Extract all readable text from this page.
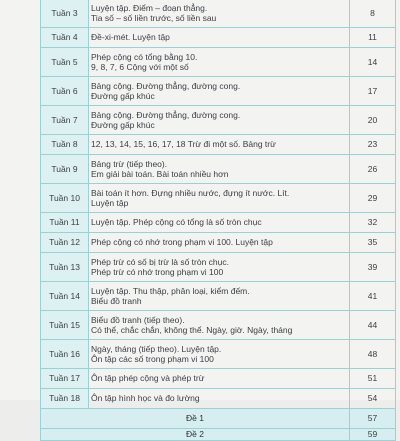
Tuần 3	Luyện tập. Điểm – đoạn thẳng.
Tia số – số liền trước, số liền sau	8
Tuần 4	Đề-xi-mét. Luyện tập	11
Tuần 5	Phép cộng có tổng bằng 10.
9, 8, 7, 6 Cộng với một số	14
Tuần 6	Bảng cộng. Đường thẳng, đường cong.
Đường gấp khúc	17
Tuần 7	Bảng cộng. Đường thẳng, đường cong.
Đường gấp khúc	20
Tuần 8	12, 13, 14, 15, 16, 17, 18 Trừ đi một số. Bảng trừ	23
Tuần 9	Bảng trừ (tiếp theo).
Em giải bài toán. Bài toán nhiều hơn	26
Tuần 10	Bài toán ít hơn. Đựng nhiều nước, đựng ít nước. Lít.
Luyện tập	29
Tuần 11	Luyện tập. Phép cộng có tổng là số tròn chục	32
Tuần 12	Phép cộng có nhớ trong phạm vi 100. Luyện tập	35
Tuần 13	Phép trừ có số bị trừ là số tròn chục.
Phép trừ có nhớ trong phạm vi 100	39
Tuần 14	Luyện tập. Thu thập, phân loại, kiểm đếm.
Biểu đồ tranh	41
Tuần 15	Biểu đồ tranh (tiếp theo).
Có thể, chắc chắn, không thể. Ngày, giờ. Ngày, tháng	44
Tuần 16	Ngày, tháng (tiếp theo). Luyện tập.
Ôn tập các số trong phạm vi 100	48
Tuần 17	Ôn tập phép cộng và phép trừ	51
Tuần 18	Ôn tập hình học và đo lường	54
Đề 1		57
Đề 2		59
